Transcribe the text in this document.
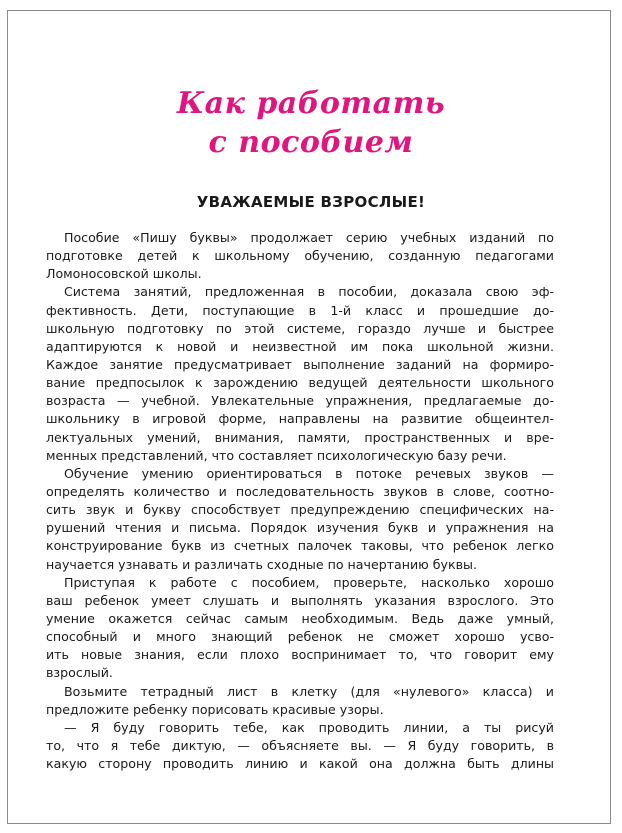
Как работать
с пособием
УВАЖАЕМЫЕ ВЗРОСЛЫЕ!
Пособие «Пишу буквы» продолжает серию учебных изданий по
подготовке детей к школьному обучению, созданную педагогами
Ломоносовской школы.
Система занятий, предложенная в пособии, доказала свою эф-
фективность. Дети, поступающие в 1-й класс и прошедшие до-
школьную подготовку по этой системе, гораздо лучше и быстрее
адаптируются к новой и неизвестной им пока школьной жизни.
Каждое занятие предусматривает выполнение заданий на формиро-
вание предпосылок к зарождению ведущей деятельности школьного
возраста — учебной. Увлекательные упражнения, предлагаемые до-
школьнику в игровой форме, направлены на развитие общеинтел-
лектуальных умений, внимания, памяти, пространственных и вре-
менных представлений, что составляет психологическую базу речи.
Обучение умению ориентироваться в потоке речевых звуков —
определять количество и последовательность звуков в слове, соотно-
сить звук и букву способствует предупреждению специфических на-
рушений чтения и письма. Порядок изучения букв и упражнения на
конструирование букв из счетных палочек таковы, что ребенок легко
научается узнавать и различать сходные по начертанию буквы.
Приступая к работе с пособием, проверьте, насколько хорошо
ваш ребенок умеет слушать и выполнять указания взрослого. Это
умение окажется сейчас самым необходимым. Ведь даже умный,
способный и много знающий ребенок не сможет хорошо усво-
ить новые знания, если плохо воспринимает то, что говорит ему
взрослый.
Возьмите тетрадный лист в клетку (для «нулевого» класса) и
предложите ребенку порисовать красивые узоры.
— Я буду говорить тебе, как проводить линии, а ты рисуй
то, что я тебе диктую, — объясняете вы. — Я буду говорить, в
какую сторону проводить линию и какой она должна быть длины
